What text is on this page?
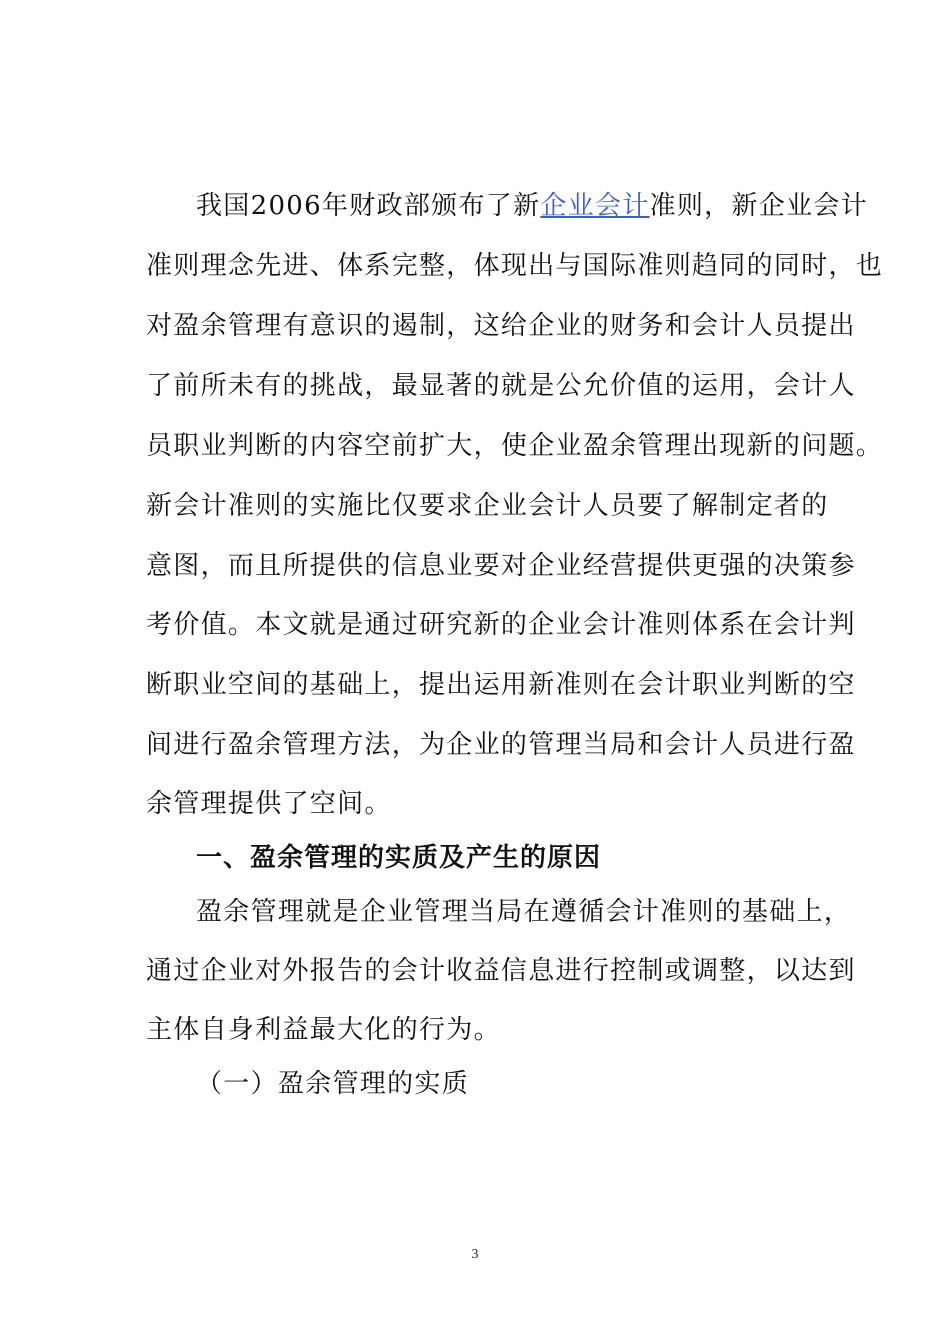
我国2006年财政部颁布了新企业会计准则，新企业会计
准则理念先进、体系完整，体现出与国际准则趋同的同时，也
对盈余管理有意识的遏制，这给企业的财务和会计人员提出
了前所未有的挑战，最显著的就是公允价值的运用，会计人
员职业判断的内容空前扩大，使企业盈余管理出现新的问题。
新会计准则的实施比仅要求企业会计人员要了解制定者的
意图，而且所提供的信息业要对企业经营提供更强的决策参
考价值。本文就是通过研究新的企业会计准则体系在会计判
断职业空间的基础上，提出运用新准则在会计职业判断的空
间进行盈余管理方法，为企业的管理当局和会计人员进行盈
余管理提供了空间。
一、盈余管理的实质及产生的原因
盈余管理就是企业管理当局在遵循会计准则的基础上，
通过企业对外报告的会计收益信息进行控制或调整，以达到
主体自身利益最大化的行为。
（一）盈余管理的实质
3
